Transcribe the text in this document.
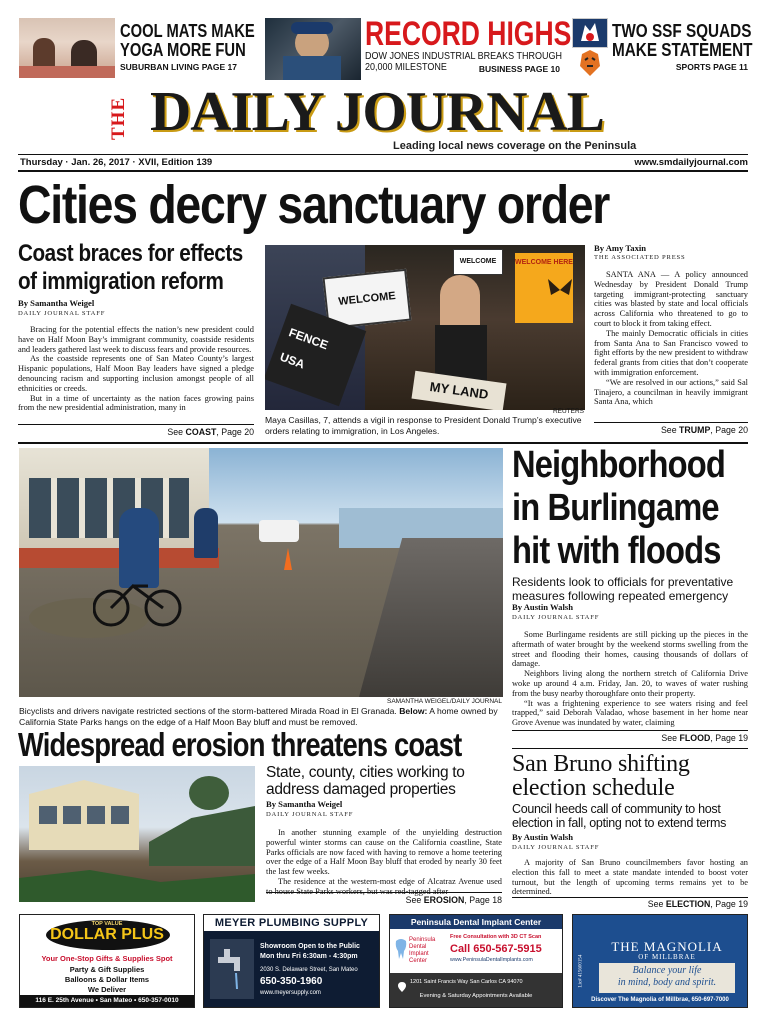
COOL MATS MAKE
YOGA MORE FUN
SUBURBAN LIVING PAGE 17
RECORD HIGHS
DOW JONES INDUSTRIAL BREAKS THROUGH
20,000 MILESTONE	BUSINESS PAGE 10
TWO SSF SQUADS
MAKE STATEMENT
SPORTS PAGE 11
THE DAILY JOURNAL
Leading local news coverage on the Peninsula
Thursday · Jan. 26, 2017 · XVII, Edition 139	www.smdailyjournal.com
Cities decry sanctuary order
Coast braces for effects of immigration reform
By Samantha Weigel
DAILY JOURNAL STAFF

Bracing for the potential effects the nation’s new president could have on Half Moon Bay’s immigrant community, coastside residents and leaders gathered last week to discuss fears and provide resources.

As the coastside represents one of San Mateo County’s largest Hispanic populations, Half Moon Bay leaders have signed a pledge denouncing racism and supporting inclusion amongst people of all ethnicities or creeds.

But in a time of uncertainty as the nation faces growing pains from the new presidential administration, many in

See COAST, Page 20
WELCOME
WELCOME	WELCOME HERE
FENCE
USA
MY LAND
REUTERS
Maya Casillas, 7, attends a vigil in response to President Donald Trump’s executive orders relating to immigration, in Los Angeles.
By Amy Taxin
THE ASSOCIATED PRESS

SANTA ANA — A policy announced Wednesday by President Donald Trump targeting immigrant-protecting sanctuary cities was blasted by state and local officials across California who threatened to go to court to block it from taking effect.

The mainly Democratic officials in cities from Santa Ana to San Francisco vowed to fight efforts by the new president to withdraw federal grants from cities that don’t cooperate with immigration enforcement.

“We are resolved in our actions,” said Sal Tinajero, a councilman in heavily immigrant Santa Ana, which

See TRUMP, Page 20
SAMANTHA WEIGEL/DAILY JOURNAL
Bicyclists and drivers navigate restricted sections of the storm-battered Mirada Road in El Granada. Below: A home owned by California State Parks hangs on the edge of a Half Moon Bay bluff and must be removed.
Neighborhood in Burlingame hit with floods
Residents look to officials for preventative measures following repeated emergency
By Austin Walsh
DAILY JOURNAL STAFF

Some Burlingame residents are still picking up the pieces in the aftermath of water brought by the weekend storms swelling from the street and flooding their homes, causing thousands of dollars of damage.

Neighbors living along the northern stretch of California Drive woke up around 4 a.m. Friday, Jan. 20, to waves of water rushing from the busy nearby thoroughfare onto their property.

“It was a frightening experience to see waters rising and feel trapped,” said Deborah Valadao, whose basement in her home near Grove Avenue was inundated by water, claiming

See FLOOD, Page 19
Widespread erosion threatens coast
State, county, cities working to address damaged properties
By Samantha Weigel
DAILY JOURNAL STAFF

In another stunning example of the unyielding destruction powerful winter storms can cause on the California coastline, State Parks officials are now faced with having to remove a home teetering over the edge of a Half Moon Bay bluff that eroded by nearly 30 feet the last few weeks.

The residence at the western-most edge of Alcatraz Avenue used to house State Parks workers, but was red-tagged after

See EROSION, Page 18
San Bruno shifting election schedule
Council heeds call of community to host election in fall, opting not to extend terms
By Austin Walsh
DAILY JOURNAL STAFF

A majority of San Bruno councilmembers favor hosting an election this fall to meet a state mandate intended to boost voter turnout, but the length of upcoming terms remains yet to be determined.

See ELECTION, Page 19
TOP VALUE
DOLLAR PLUS
Your One-Stop Gifts & Supplies Spot
Party & Gift Supplies
Balloons & Dollar Items
We Deliver
116 E. 25th Avenue • San Mateo • 650-357-0010
MEYER PLUMBING SUPPLY
Showroom Open to the Public
Mon thru Fri 6:30am - 4:30pm
2030 S. Delaware Street, San Mateo
650-350-1960
www.meyersupply.com
Peninsula Dental Implant Center
Peninsula
Dental
Implant
Center
Free Consultation with 3D CT Scan
Call 650-567-5915
www.PeninsulaDentalImplants.com
1201 Saint Francis Way San Carlos CA 94070
Evening & Saturday Appointments Available
Lic# 415600154
THE MAGNOLIA
OF MILLBRAE
Balance your life
in mind, body and spirit.
Discover The Magnolia of Millbrae, 650-697-7000
